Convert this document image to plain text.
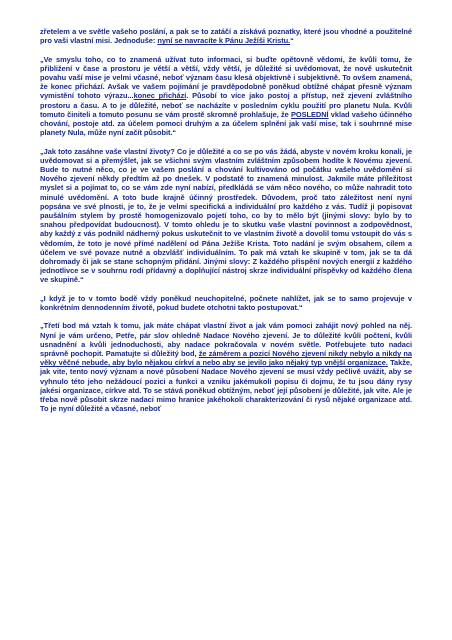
zřetelem a ve světle vašeho poslání, a pak se to zatáčí a získává poznatky, které jsou vhodné a použitelné pro vaši vlastní misi. Jednoduše: nyní se navracíte k Pánu Ježíši Kristu.“

„Ve smyslu toho, co to znamená užívat tuto informaci, si buďte opětovně vědomi, že kvůli tomu, že přibližení v čase a prostoru je větší a větší, vždy větší, je důležité si uvědomovat, že nově uskutečnit povahu vaší mise je velmi včasné, neboť význam času klesá objektivně i subjektivně. To ovšem znamená, že konec přichází. Avšak ve vašem pojímání je pravděpodobně poněkud obtížné chápat přesně význam vymistění tohoto výrazu...konec přichází. Působí to více jako postoj a přístup, než zjevení zvláštního prostoru a času. A to je důležité, neboť se nacházíte v posledním cyklu použití pro planetu Nula. Kvůli tomuto činiteli a tomuto posunu se vám prostě skromně prohlašuje, že POSLEDNÍ vklad vašeho účinného chování, postoje atd. za účelem pomoci druhým a za účelem splnění jak vaší mise, tak i souhrnné mise planety Nula, může nyní začít působit.“

„Jak toto zasáhne vaše vlastní životy? Co je důležité a co se po vás žádá, abyste v novém kroku konali, je uvědomovat si a přemýšlet, jak se všichni svým vlastním zvláštním způsobem hodíte k Novému zjevení. Bude to nutné něco, co je ve vašem poslání a chování kultivováno od počátku vašeho uvědomění si Nového zjevení někdy předtím až po dnešek. V podstatě to znamená minulost. Jakmile máte příležitost myslet si a pojímat to, co se vám zde nyní nabízí, předkládá se vám něco nového, co může nahradit toto minulé uvědomění. A toto bude krajně účinný prostředek. Důvodem, proč tato záležitost není nyní popsána ve své plnosti, je to, že je velmi specifická a individuální pro každého z vás. Tudíž ji popisovat paušálním stylem by prostě homogenizovalo pojetí toho, co by to mělo být (jinými slovy: bylo by to snahou předpovídat budoucnost). V tomto ohledu je to skutku vaše vlastní povinnost a zodpovědnost, aby každý z vás podnikl nádherný pokus uskutečnit to ve vlastním životě a dovolil tomu vstoupit do vás s vědomím, že toto je nové přímé nadělení od Pána Ježíše Krista. Toto nadání je svým obsahem, cílem a účelem ve své povaze nutně a obzvlášť individuálním. To pak má vztah ke skupině v tom, jak se ta dá dohromady či jak se stane schopným přidání. Jinými slovy: Z každého přispění nových energií z každého jednotlivce se v souhrnu rodí přídavný a doplňující nástroj skrze individuální příspěvky od každého člena ve skupině.“

„I když je to v tomto bodě vždy poněkud neuchopitelné, počnete nahlížet, jak se to samo projevuje v konkrétním dennodenním životě, pokud budete otchotni takto postupovat.“

„Třetí bod má vztah k tomu, jak máte chápat vlastní život a jak vám pomoci zahájit nový pohled na něj. Nyní je vám určeno, Petře, pár slov ohledně Nadace Nového zjevení. Je to důležité kvůli počtení, kvůli usnadnění a kvůli jednoduchosti, aby nadace pokračovala v novém světle. Potřebujete tuto nadaci správně pochopit. Pamatujte si důležitý bod, že záměrem a pozicí Nového zjevení nikdy nebylo a nikdy na věky věčné nebude, aby bylo nějakou církví a nebo aby se jevilo jako nějaký typ vnější organizace. Takže, jak vite, tento nový význam a nové působení Nadace Nového zjevení se musí vždy pečlivě uvážit, aby se vyhnulo této jeho nežádoucí pozici a funkci a vzniku jakémukoli popisu či dojmu, že tu jsou dány rysy jakési organizace, církve atd. To se stává poněkud obtížným, neboť její působení je důležité, jak víte. Ale je třeba nově působit skrze nadaci mimo hranice jakéhokoli charakterizování či rysů nějaké organizace atd. To je nyní důležité a včasné, neboť
